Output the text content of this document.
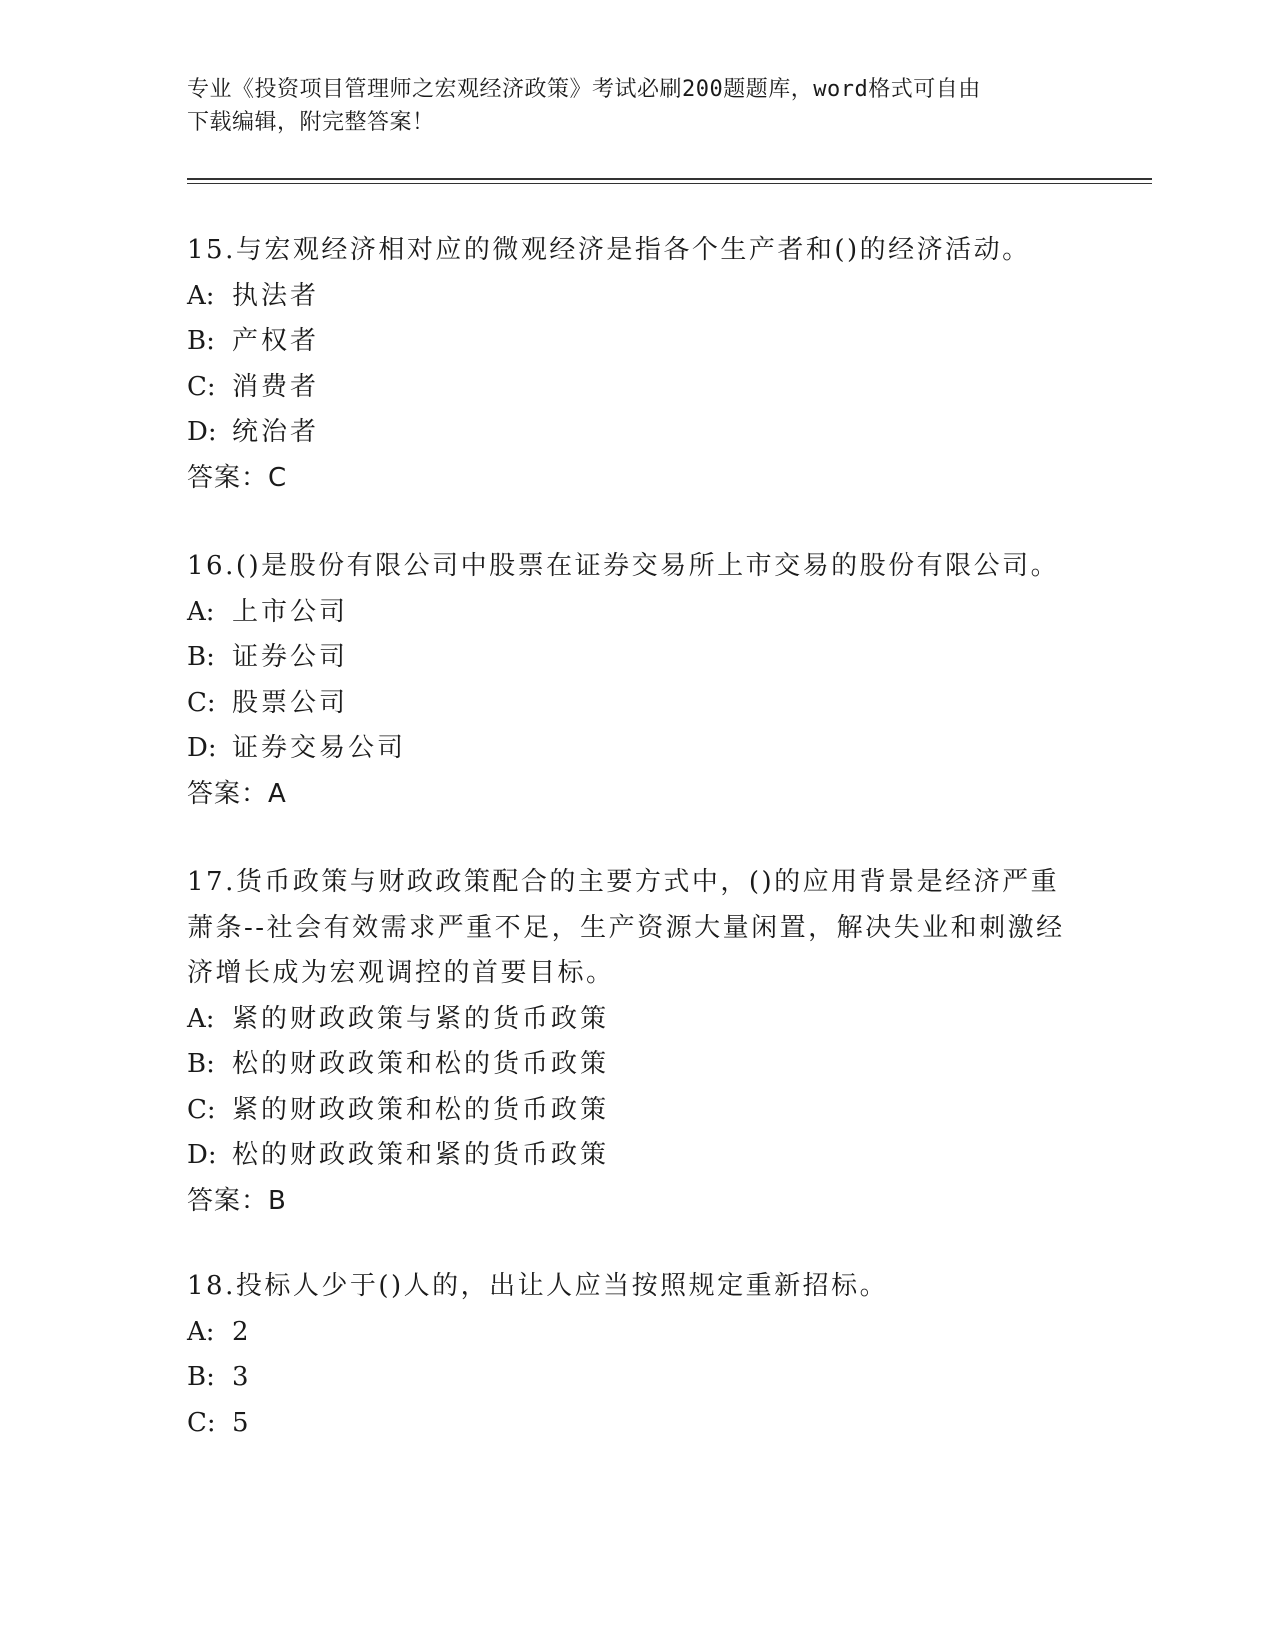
专业《投资项目管理师之宏观经济政策》考试必刷200题题库，word格式可自由
下载编辑，附完整答案！

15.与宏观经济相对应的微观经济是指各个生产者和()的经济活动。

A: 执法者

B: 产权者

C: 消费者

D: 统治者

答案：C

16.()是股份有限公司中股票在证券交易所上市交易的股份有限公司。

A: 上市公司

B: 证券公司

C: 股票公司

D: 证券交易公司

答案：A

17.货币政策与财政政策配合的主要方式中，()的应用背景是经济严重萧条--社会有效需求严重不足，生产资源大量闲置，解决失业和刺激经济增长成为宏观调控的首要目标。

A: 紧的财政政策与紧的货币政策

B: 松的财政政策和松的货币政策

C: 紧的财政政策和松的货币政策

D: 松的财政政策和紧的货币政策

答案：B

18.投标人少于()人的，出让人应当按照规定重新招标。

A: 2

B: 3

C: 5
